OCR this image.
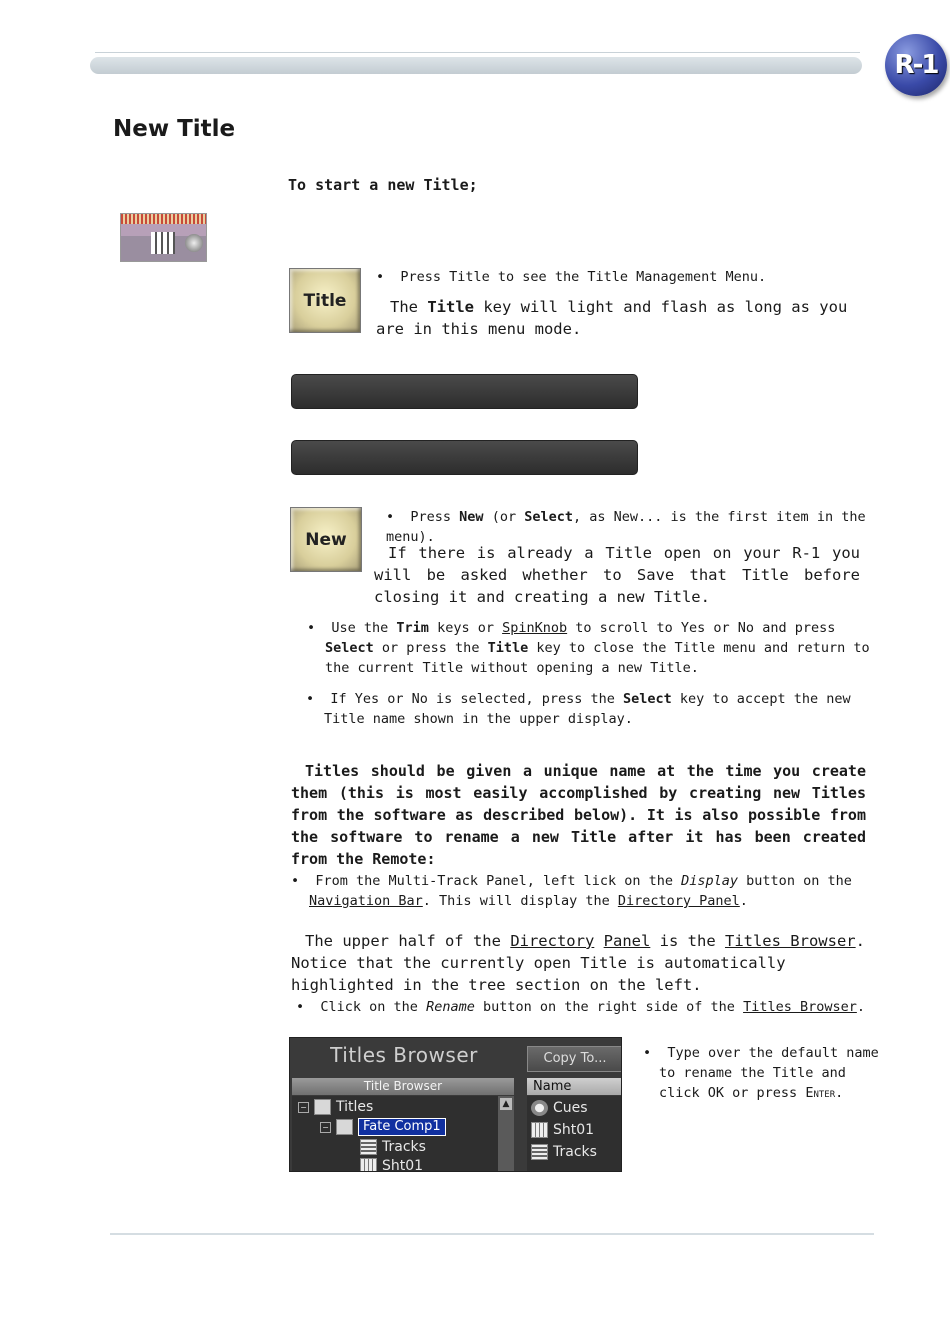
R-1
New Title
To start a new Title;
Title
•  Press Title to see the Title Management Menu.
The Title key will light and flash as long as you are in this menu mode.
New
•  Press New (or Select, as New... is the first item in the menu).
If there is already a Title open on your R-1 you will be asked whether to Save that Title before closing it and creating a new Title.
•  Use the Trim keys or SpinKnob to scroll to Yes or No and press Select or press the Title key to close the Title menu and return to the current Title without opening a new Title.
•  If Yes or No is selected, press the Select key to accept the new Title name shown in the upper display.
Titles should be given a unique name at the time you create them (this is most easily accomplished by creating new Titles from the software as described below). It is also possible from the software to rename a new Title after it has been created from the Remote:
•  From the Multi-Track Panel, left lick on the Display button on the Navigation Bar. This will display the Directory Panel.
The upper half of the Directory Panel is the Titles Browser. Notice that the currently open Title is automatically highlighted in the tree section on the left.
•  Click on the Rename button on the right side of the Titles Browser.
Titles Browser	Copy To...
Title Browser	Name
− Titles
−	Fate Comp1
Tracks
Sht01
▲	Cues
Sht01
Tracks
•  Type over the default name to rename the Title and click OK or press Enter.
